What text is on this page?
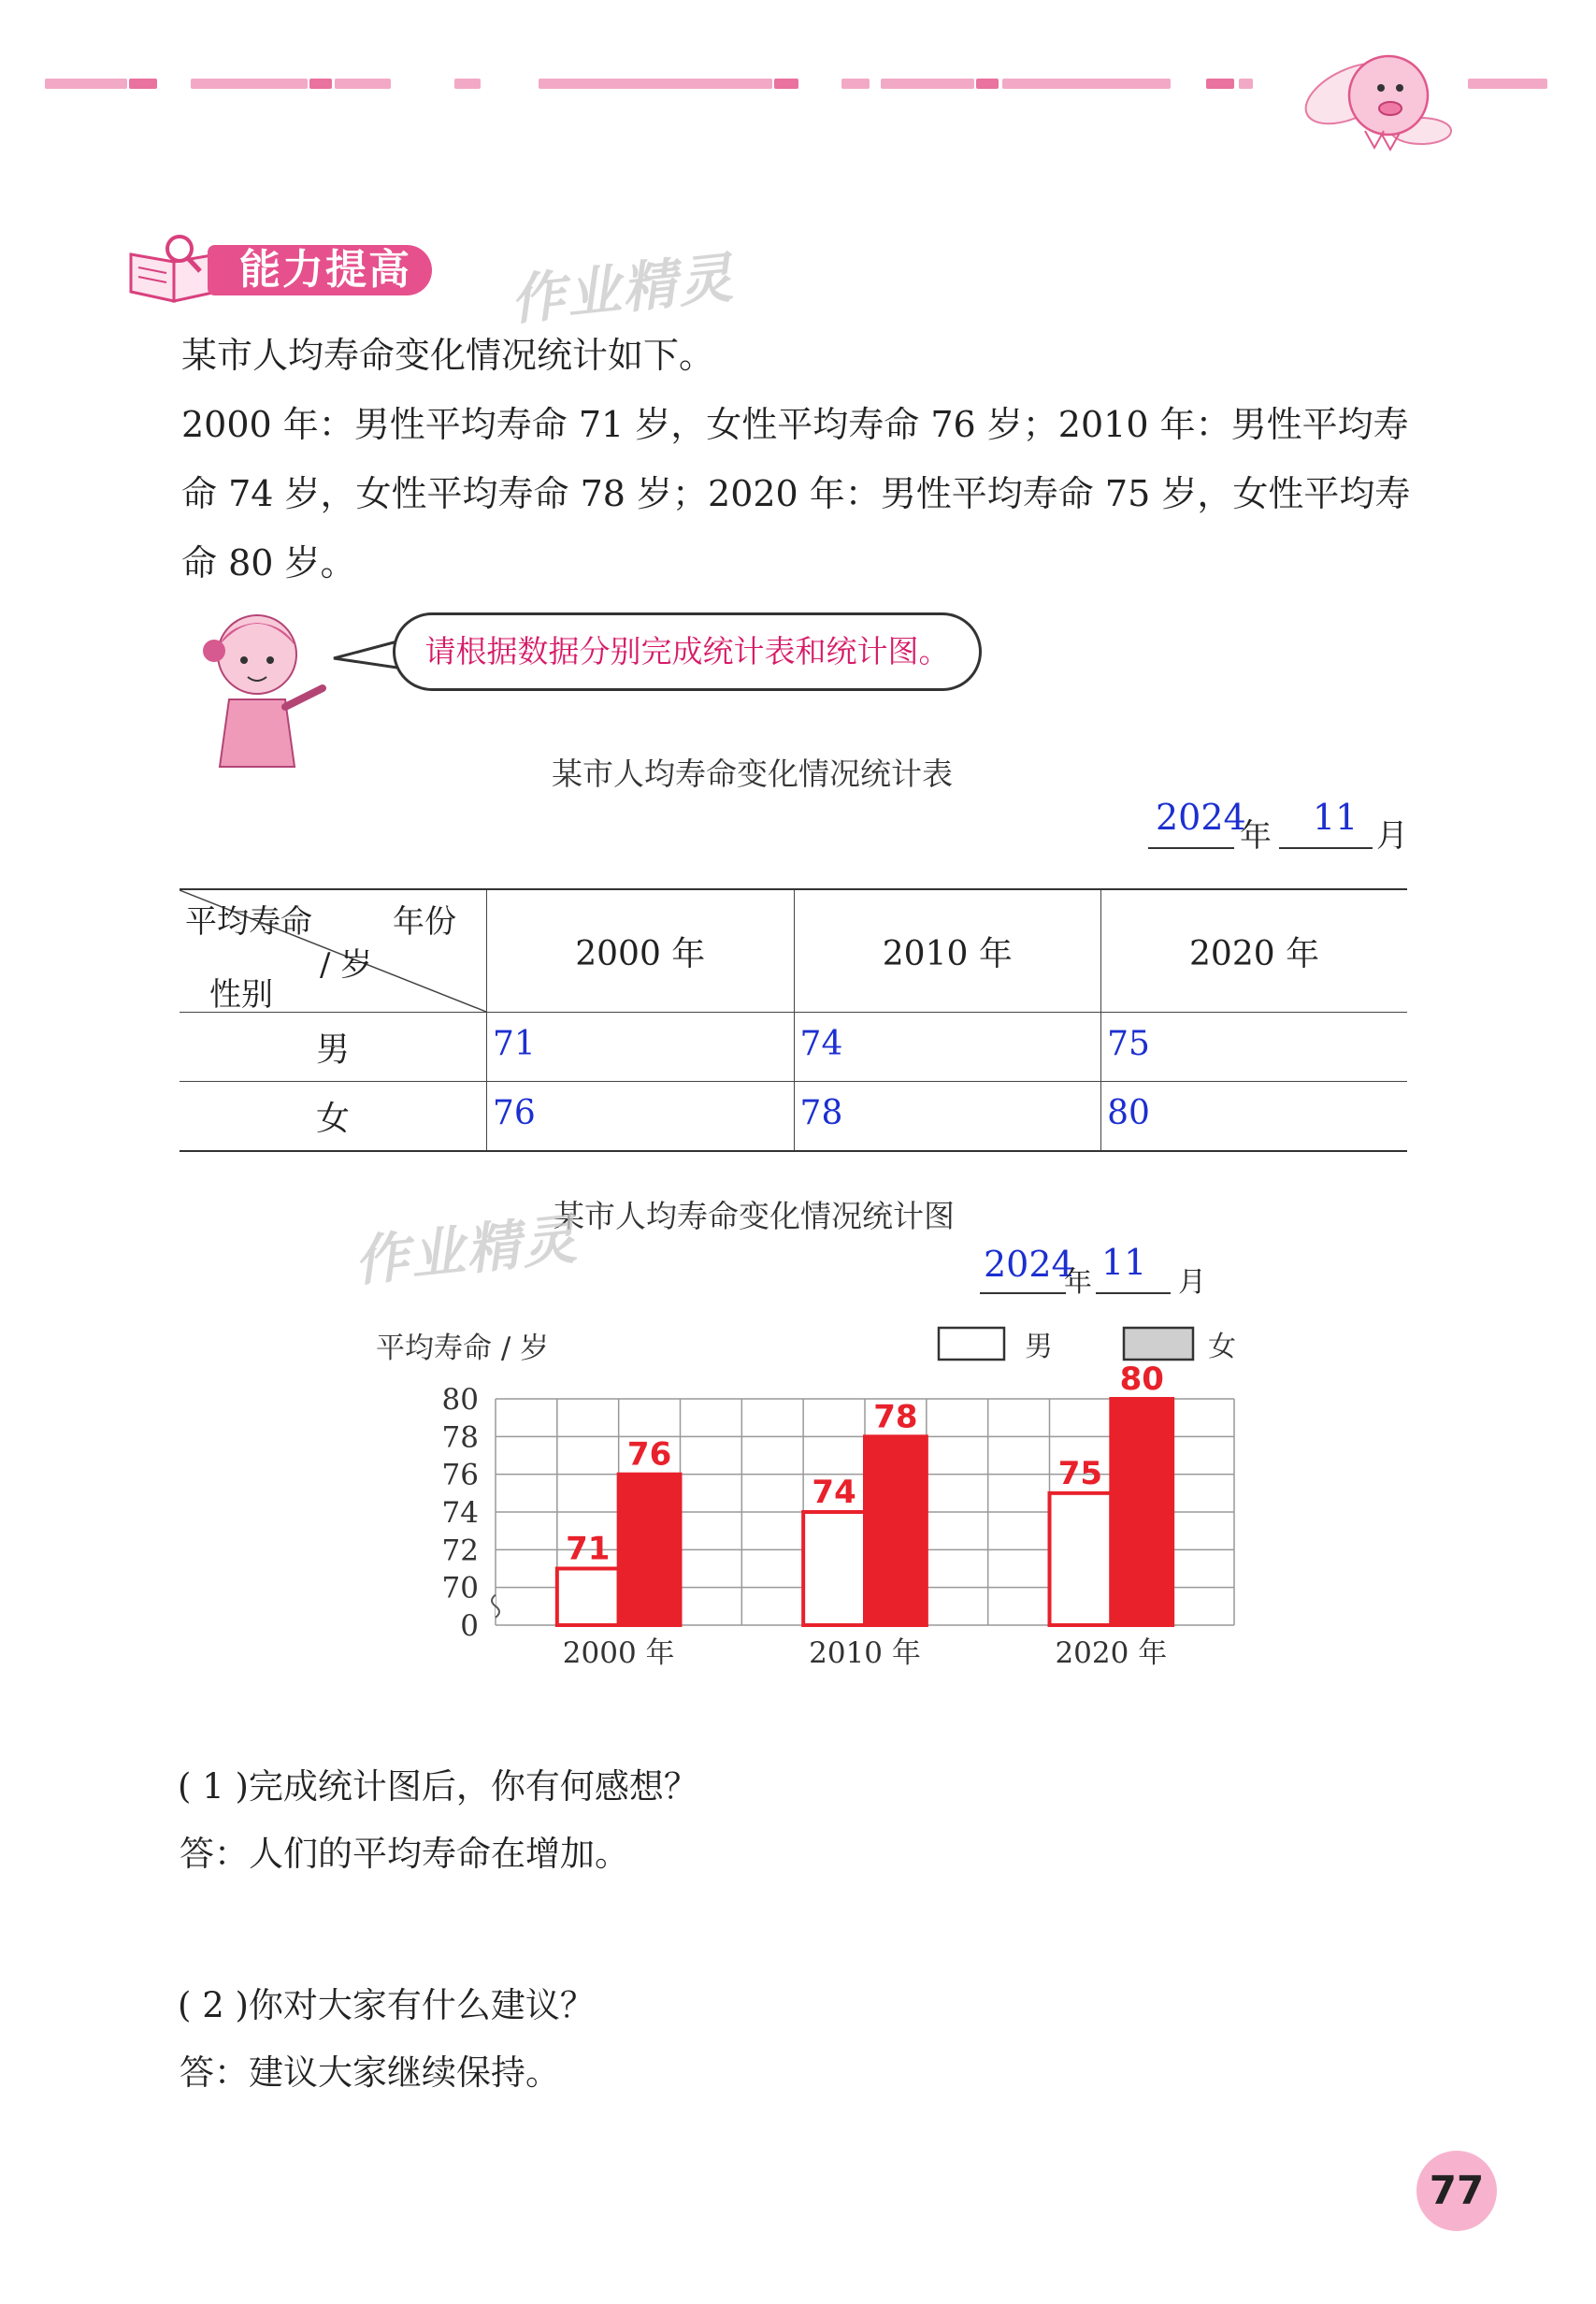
能力提高	作业精灵
某市人均寿命变化情况统计如下。
2000 年：男性平均寿命 71 岁，女性平均寿命 76 岁；2010 年：男性平均寿
命 74 岁，女性平均寿命 78 岁；2020 年：男性平均寿命 75 岁，女性平均寿
命 80 岁。
请根据数据分别完成统计表和统计图。
某市人均寿命变化情况统计表
2024
年 11 月
平均寿命 年份
/ 岁
性别	2000 年	2010 年	2020 年
男	71	74	75
女	76	78	80
某市人均寿命变化情况统计图
作业精灵	2024
年 11 月
平均寿命 / 岁	男	女
0
70
72
74
76
78
80
71
76
2000 年
74
78
2010 年
75
80
2020 年
( 1 )完成统计图后，你有何感想？
答：人们的平均寿命在增加。
( 2 )你对大家有什么建议？
答：建议大家继续保持。
77
